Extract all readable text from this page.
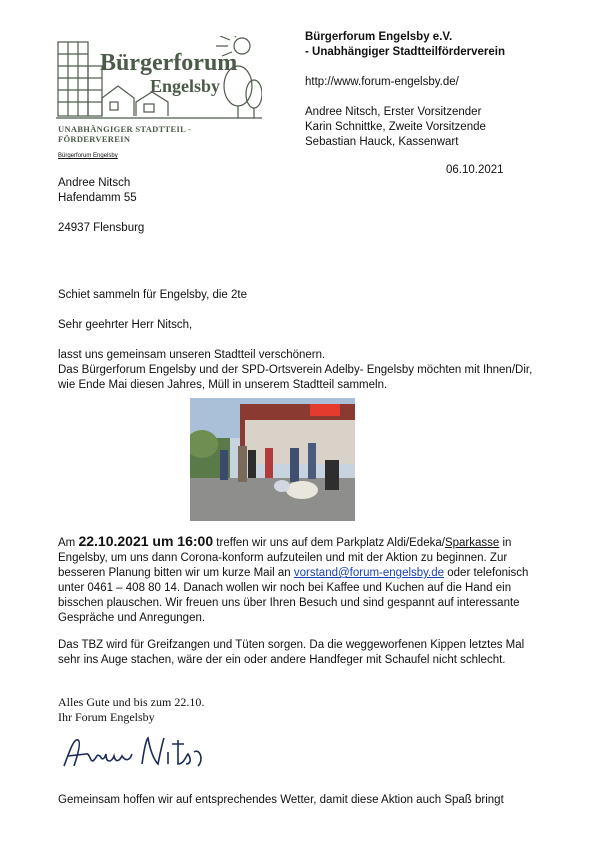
Bürgerforum
Engelsby
UNABHÄNGIGER STADTTEIL - FÖRDERVEREIN
Bürgerforum Engelsby e.V.
- Unabhängiger Stadtteilförderverein
http://www.forum-engelsby.de/
Andree Nitsch, Erster Vorsitzender
Karin Schnittke, Zweite Vorsitzende
Sebastian Hauck, Kassenwart
Bürgerforum Engelsby
06.10.2021
Andree Nitsch
Hafendamm 55
24937 Flensburg

Schiet sammeln für Engelsby, die 2te

Sehr geehrter Herr Nitsch,

lasst uns gemeinsam unseren Stadtteil verschönern.
Das Bürgerforum Engelsby und der SPD-Ortsverein Adelby- Engelsby möchten mit Ihnen/Dir, wie Ende Mai diesen Jahres, Müll in unserem Stadtteil sammeln.

Am 22.10.2021 um 16:00 treffen wir uns auf dem Parkplatz Aldi/Edeka/Sparkasse in Engelsby, um uns dann Corona-konform aufzuteilen und mit der Aktion zu beginnen. Zur besseren Planung bitten wir um kurze Mail an vorstand@forum-engelsby.de oder telefonisch unter 0461 – 408 80 14. Danach wollen wir noch bei Kaffee und Kuchen auf die Hand ein bisschen plauschen. Wir freuen uns über Ihren Besuch und sind gespannt auf interessante Gespräche und Anregungen.
Das TBZ wird für Greifzangen und Tüten sorgen. Da die weggeworfenen Kippen letztes Mal sehr ins Auge stachen, wäre der ein oder andere Handfeger mit Schaufel nicht schlecht.
Alles Gute und bis zum 22.10.
Ihr Forum Engelsby
Gemeinsam hoffen wir auf entsprechendes Wetter, damit diese Aktion auch Spaß bringt
